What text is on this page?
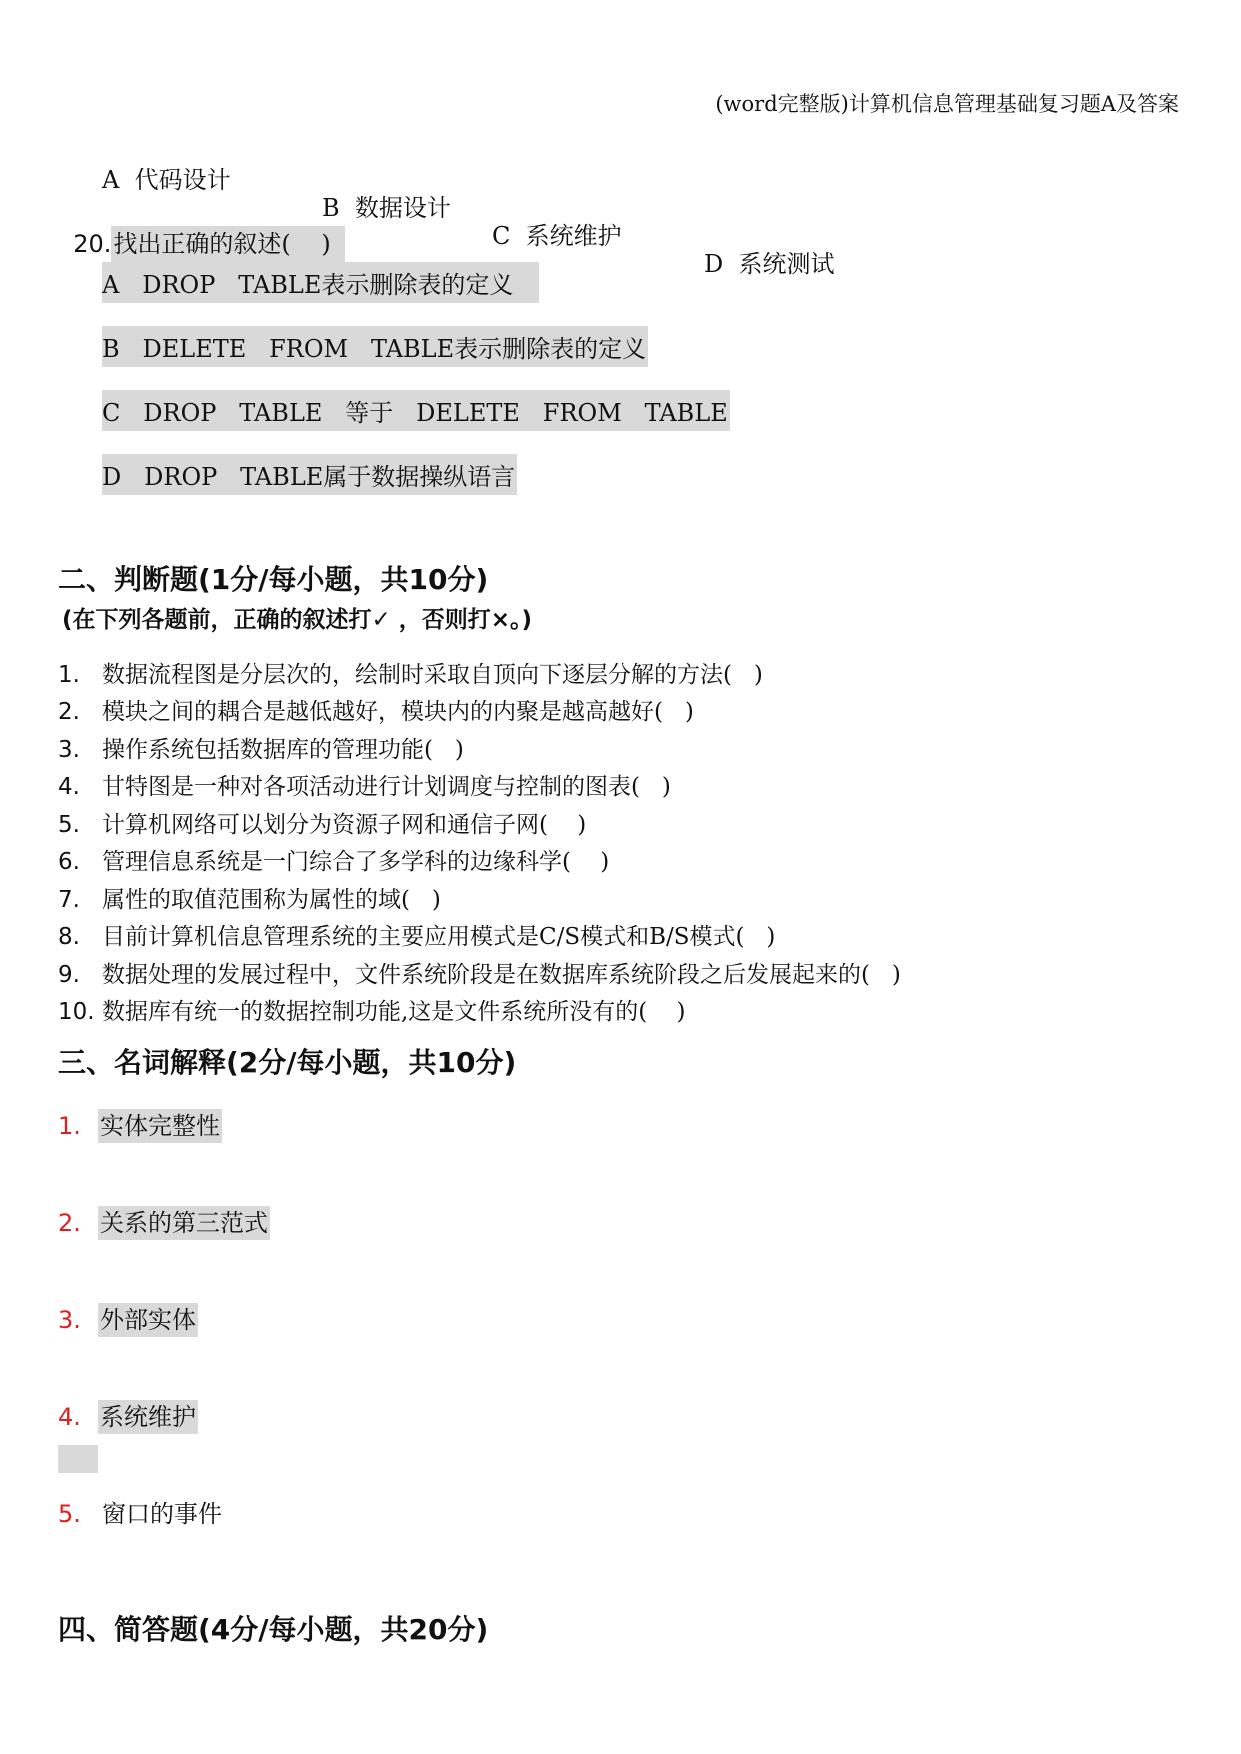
(word完整版)计算机信息管理基础复习题A及答案

A  代码设计

B  数据设计

C  系统维护

D  系统测试

20.找出正确的叙述(    )

A   DROP   TABLE表示删除表的定义
B   DELETE   FROM   TABLE表示删除表的定义
C   DROP   TABLE   等于   DELETE   FROM   TABLE
D   DROP   TABLE属于数据操纵语言
二、判断题(1分/每小题，共10分)
(在下列各题前，正确的叙述打✓ ，否则打×。)
1. 数据流程图是分层次的，绘制时采取自顶向下逐层分解的方法(   )
2. 模块之间的耦合是越低越好，模块内的内聚是越高越好(   )
3. 操作系统包括数据库的管理功能(   )
4. 甘特图是一种对各项活动进行计划调度与控制的图表(   )
5. 计算机网络可以划分为资源子网和通信子网(    )
6. 管理信息系统是一门综合了多学科的边缘科学(    )
7. 属性的取值范围称为属性的域(   )
8. 目前计算机信息管理系统的主要应用模式是C/S模式和B/S模式(   )
9. 数据处理的发展过程中，文件系统阶段是在数据库系统阶段之后发展起来的(   )
10. 数据库有统一的数据控制功能,这是文件系统所没有的(    )
三、名词解释(2分/每小题，共10分)
1. 实体完整性
2. 关系的第三范式
3. 外部实体
4. 系统维护
5. 窗口的事件
四、简答题(4分/每小题，共20分)
